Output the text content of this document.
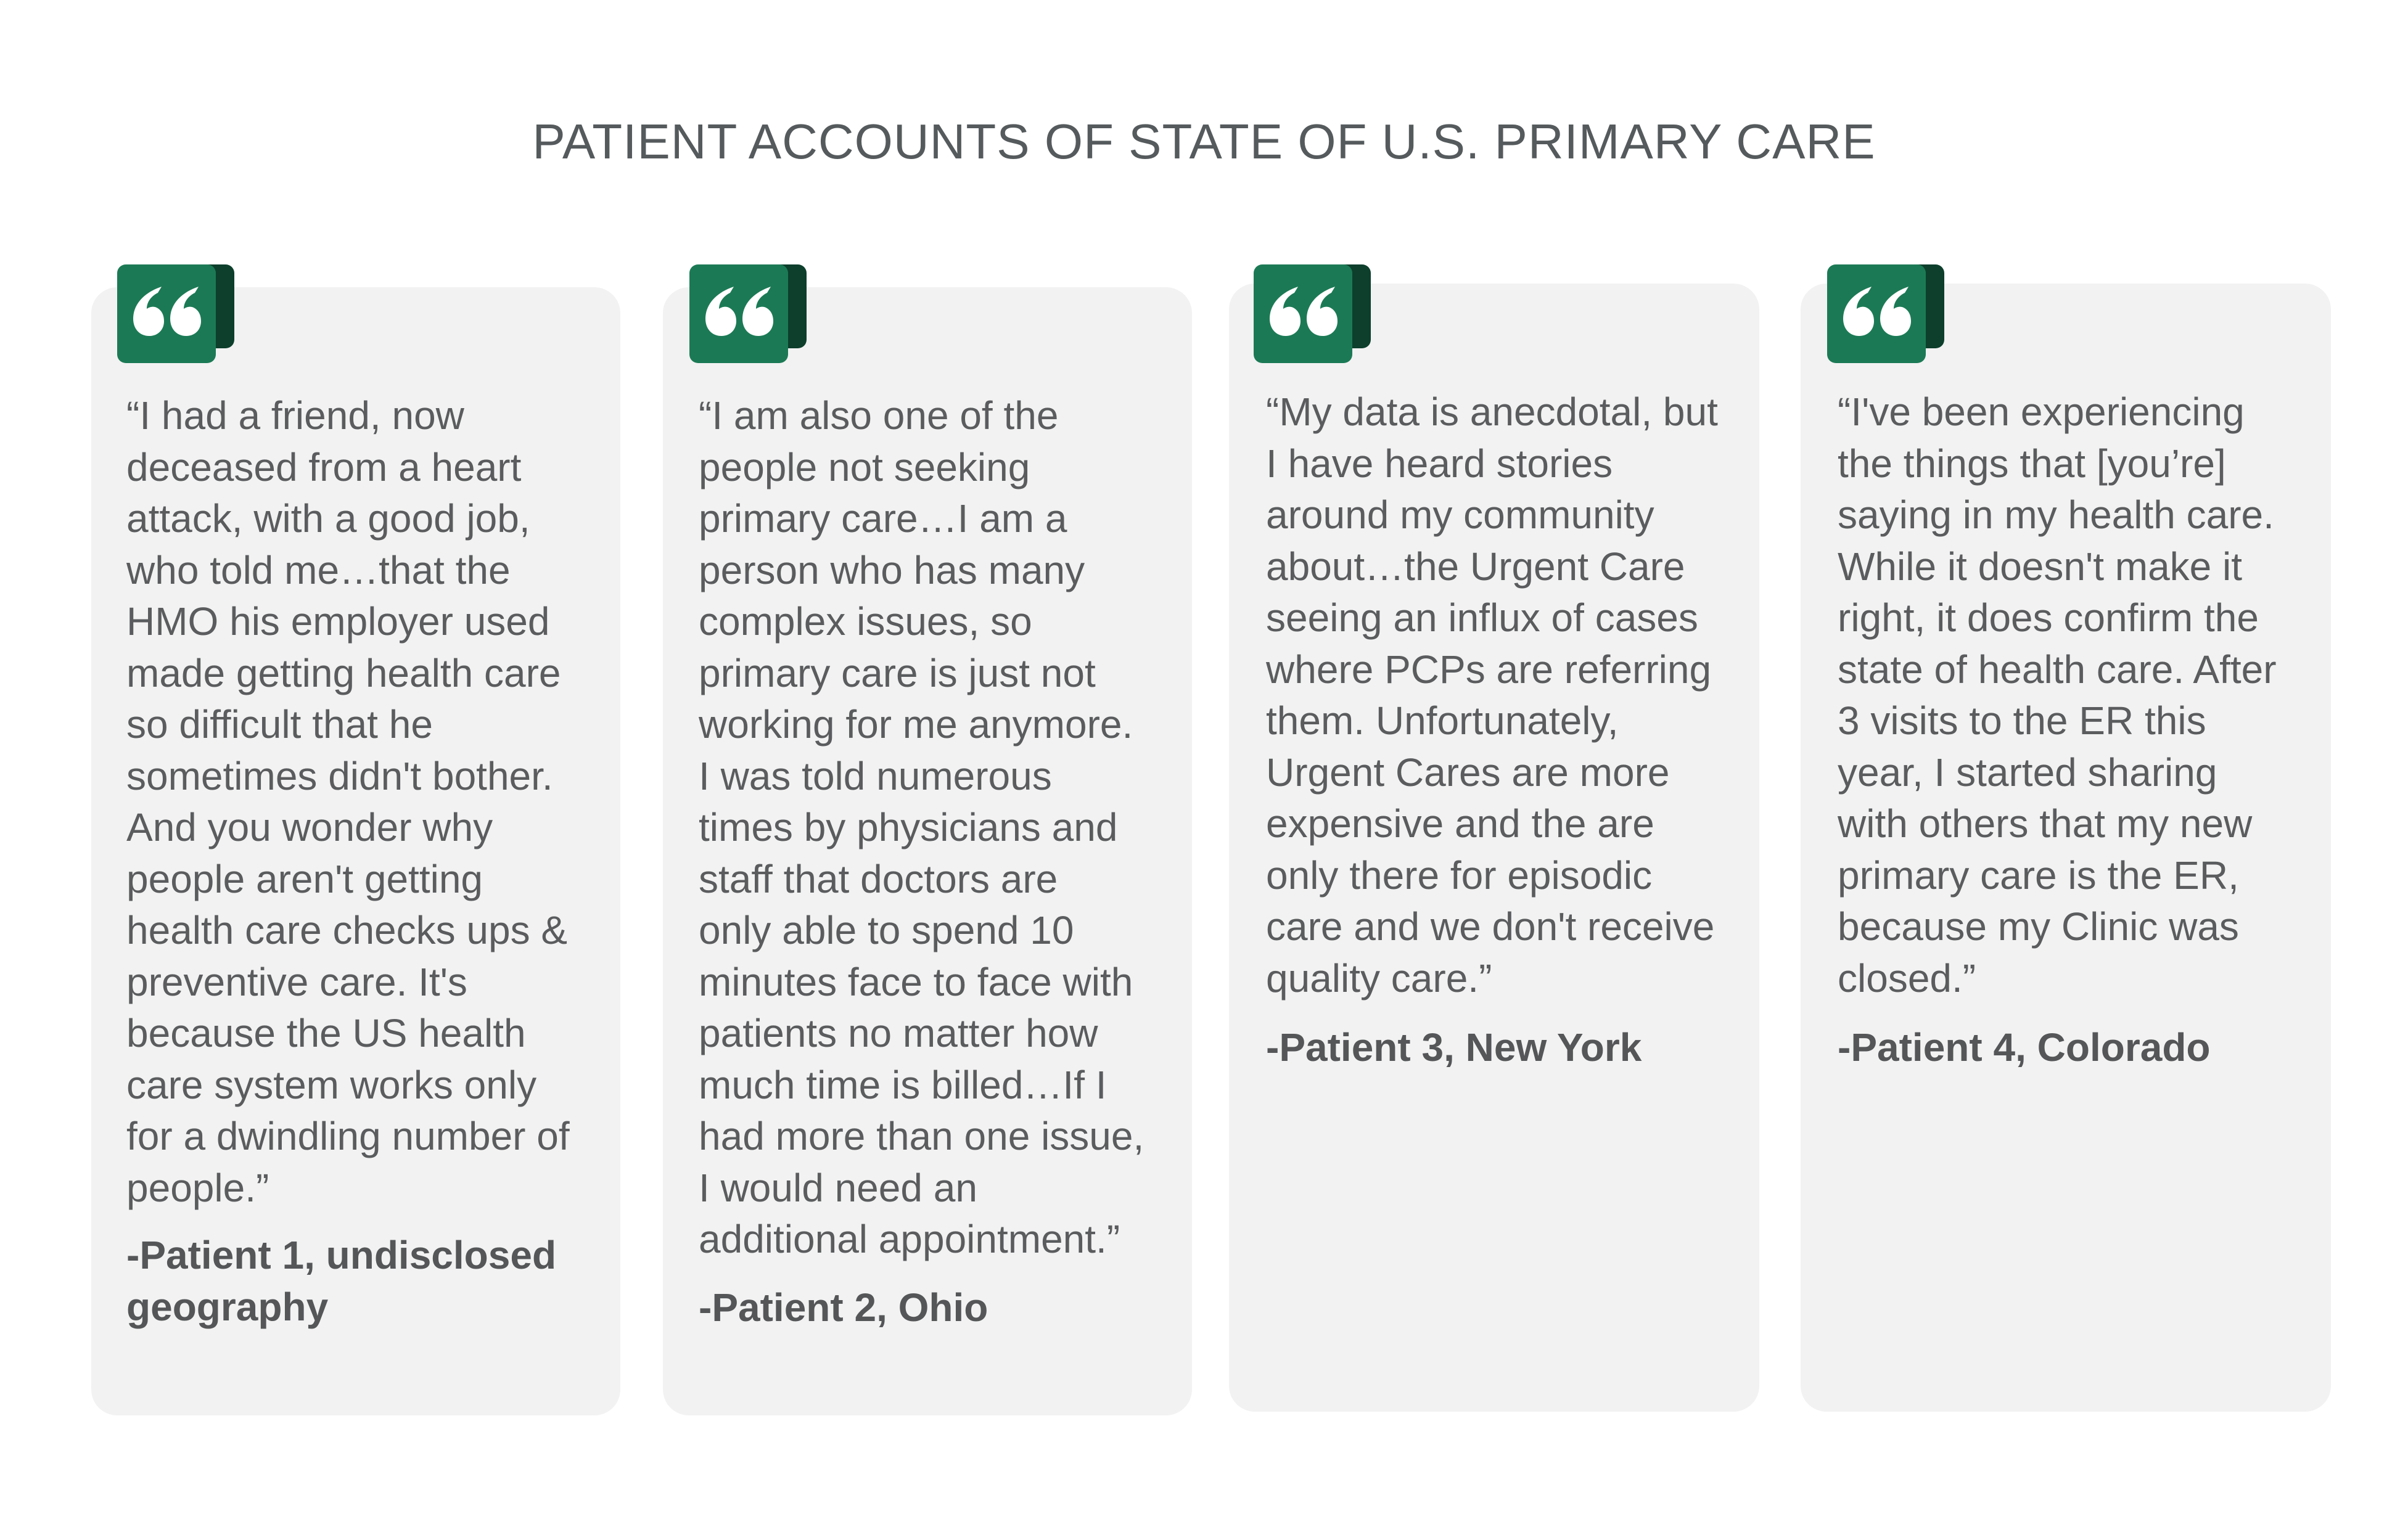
PATIENT ACCOUNTS OF STATE OF U.S. PRIMARY CARE

“I had a friend, now
deceased from a heart
attack, with a good job,
who told me…that the
HMO his employer used
made getting health care
so difficult that he
sometimes didn't bother.
And you wonder why
people aren't getting
health care checks ups &
preventive care. It's
because the US health
care system works only
for a dwindling number of
people.”

-Patient 1, undisclosed
geography

“I am also one of the
people not seeking
primary care…I am a
person who has many
complex issues, so
primary care is just not
working for me anymore.
I was told numerous
times by physicians and
staff that doctors are
only able to spend 10
minutes face to face with
patients no matter how
much time is billed…If I
had more than one issue,
I would need an
additional appointment.”

-Patient 2, Ohio

“My data is anecdotal, but
I have heard stories
around my community
about…the Urgent Care
seeing an influx of cases
where PCPs are referring
them. Unfortunately,
Urgent Cares are more
expensive and the are
only there for episodic
care and we don't receive
quality care.”

-Patient 3, New York

“I've been experiencing
the things that [you’re]
saying in my health care.
While it doesn't make it
right, it does confirm the
state of health care. After
3 visits to the ER this
year, I started sharing
with others that my new
primary care is the ER,
because my Clinic was
closed.”

-Patient 4, Colorado
